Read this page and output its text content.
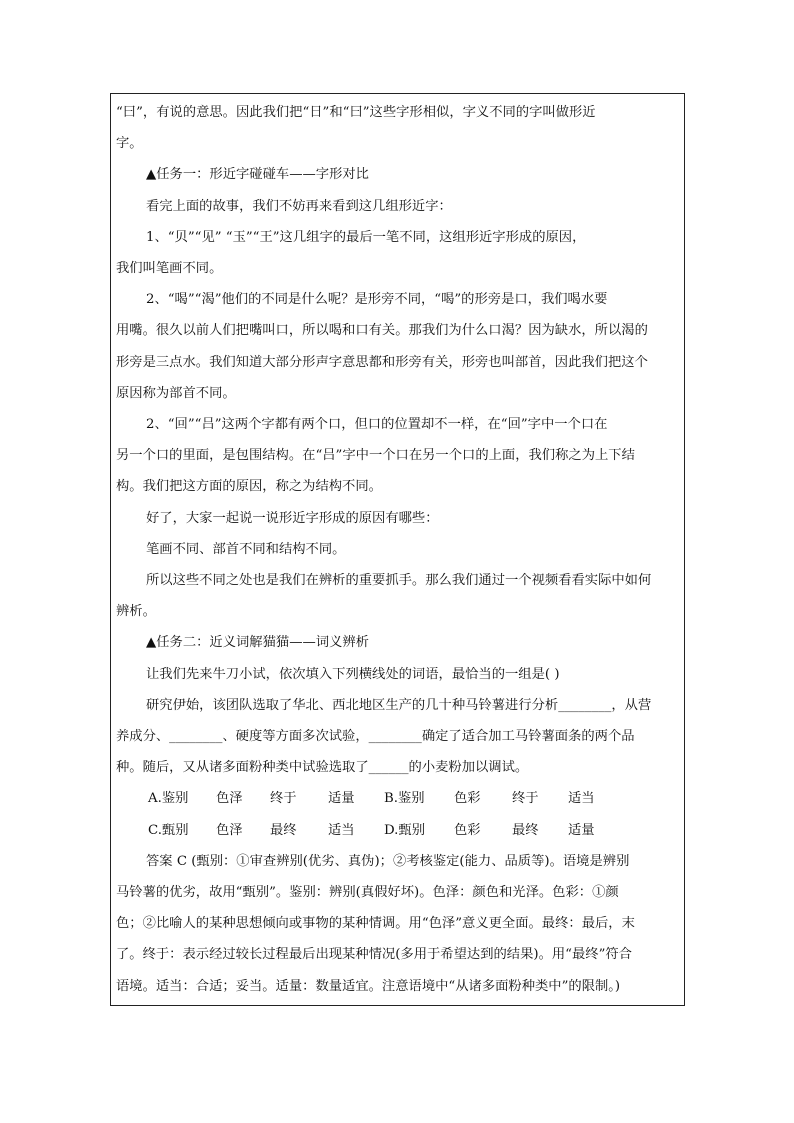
“曰”，有说的意思。因此我们把“日”和“曰”这些字形相似，字义不同的字叫做形近
字。

▲任务一：形近字碰碰车——字形对比

看完上面的故事，我们不妨再来看到这几组形近字：

1、“贝”“见” “玉”“王”这几组字的最后一笔不同，这组形近字形成的原因，
我们叫笔画不同。

2、“喝”“渴”他们的不同是什么呢？是形旁不同，“喝”的形旁是口，我们喝水要
用嘴。很久以前人们把嘴叫口，所以喝和口有关。那我们为什么口渴？因为缺水，所以渴的
形旁是三点水。我们知道大部分形声字意思都和形旁有关，形旁也叫部首，因此我们把这个
原因称为部首不同。

2、“回”“吕”这两个字都有两个口，但口的位置却不一样，在“回”字中一个口在
另一个口的里面，是包围结构。在“吕”字中一个口在另一个口的上面，我们称之为上下结
构。我们把这方面的原因，称之为结构不同。

好了，大家一起说一说形近字形成的原因有哪些：

笔画不同、部首不同和结构不同。

所以这些不同之处也是我们在辨析的重要抓手。那么我们通过一个视频看看实际中如何
辨析。

▲任务二：近义词解猫猫——词义辨析

让我们先来牛刀小试，依次填入下列横线处的词语，最恰当的一组是( )

研究伊始，该团队选取了华北、西北地区生产的几十种马铃薯进行分析________，从营
养成分、________、硬度等方面多次试验，________确定了适合加工马铃薯面条的两个品
种。随后，又从诸多面粉种类中试验选取了______的小麦粉加以调试。

A.鉴别	色泽	终于	适量	B.鉴别	色彩	终于	适当
C.甄别	色泽	最终	适当	D.甄别	色彩	最终	适量

答案 C (甄别：①审查辨别(优劣、真伪)；②考核鉴定(能力、品质等)。语境是辨别
马铃薯的优劣，故用“甄别”。鉴别：辨别(真假好坏)。色泽：颜色和光泽。色彩：①颜
色；②比喻人的某种思想倾向或事物的某种情调。用“色泽”意义更全面。最终：最后，末
了。终于：表示经过较长过程最后出现某种情况(多用于希望达到的结果)。用“最终”符合
语境。适当：合适；妥当。适量：数量适宜。注意语境中“从诸多面粉种类中”的限制。)
